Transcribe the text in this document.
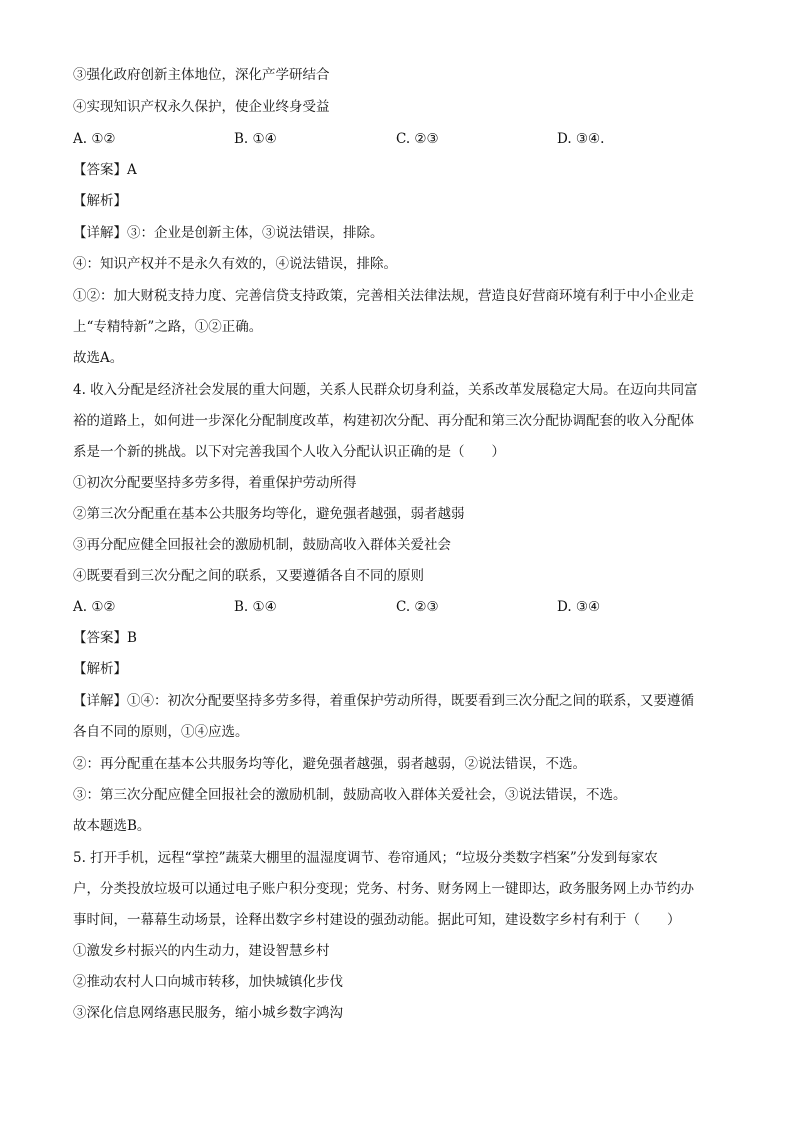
③强化政府创新主体地位，深化产学研结合
④实现知识产权永久保护，使企业终身受益
A. ①②	B. ①④	C. ②③	D. ③④.
【答案】A
【解析】
【详解】③：企业是创新主体，③说法错误，排除。
④：知识产权并不是永久有效的，④说法错误，排除。
①②：加大财税支持力度、完善信贷支持政策，完善相关法律法规，营造良好营商环境有利于中小企业走
上“专精特新”之路，①②正确。
故选A。
4. 收入分配是经济社会发展的重大问题，关系人民群众切身利益，关系改革发展稳定大局。在迈向共同富
裕的道路上，如何进一步深化分配制度改革，构建初次分配、再分配和第三次分配协调配套的收入分配体
系是一个新的挑战。以下对完善我国个人收入分配认识正确的是（　　）
①初次分配要坚持多劳多得，着重保护劳动所得
②第三次分配重在基本公共服务均等化，避免强者越强，弱者越弱
③再分配应健全回报社会的激励机制，鼓励高收入群体关爱社会
④既要看到三次分配之间的联系，又要遵循各自不同的原则
A. ①②	B. ①④	C. ②③	D. ③④
【答案】B
【解析】
【详解】①④：初次分配要坚持多劳多得，着重保护劳动所得，既要看到三次分配之间的联系，又要遵循
各自不同的原则，①④应选。
②：再分配重在基本公共服务均等化，避免强者越强，弱者越弱，②说法错误，不选。
③：第三次分配应健全回报社会的激励机制，鼓励高收入群体关爱社会，③说法错误，不选。
故本题选B。
5. 打开手机，远程“掌控”蔬菜大棚里的温湿度调节、卷帘通风；“垃圾分类数字档案”分发到每家农
户，分类投放垃圾可以通过电子账户积分变现；党务、村务、财务网上一键即达，政务服务网上办节约办
事时间，一幕幕生动场景，诠释出数字乡村建设的强劲动能。据此可知，建设数字乡村有利于（　　）
①激发乡村振兴的内生动力，建设智慧乡村
②推动农村人口向城市转移，加快城镇化步伐
③深化信息网络惠民服务，缩小城乡数字鸿沟
